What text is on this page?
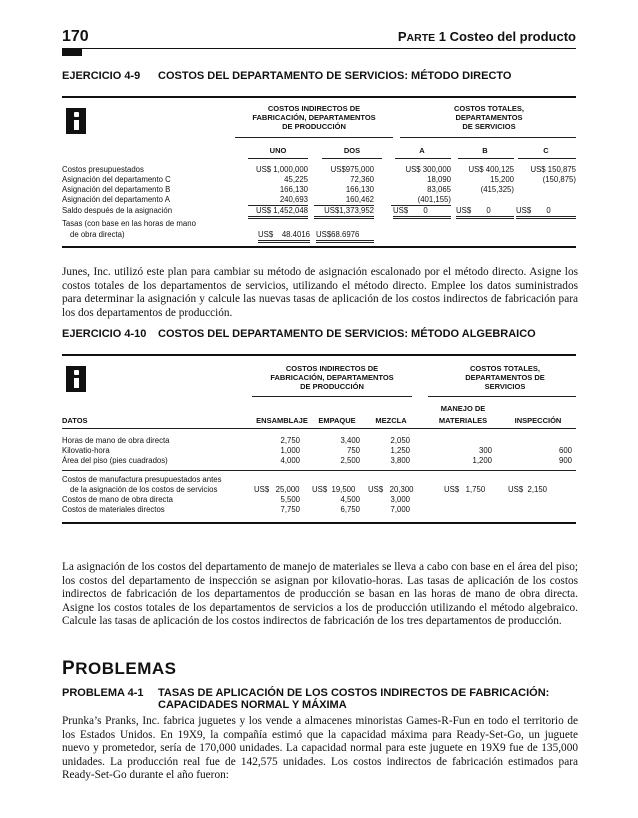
170	PARTE 1 Costeo del producto
EJERCICIO 4-9 COSTOS DEL DEPARTAMENTO DE SERVICIOS: MÉTODO DIRECTO
COSTOS INDIRECTOS DE
FABRICACIÓN, DEPARTAMENTOS
DE PRODUCCIÓN
COSTOS TOTALES,
DEPARTAMENTOS
DE SERVICIOS
UNO	DOS	A	B	C
Costos presupuestados	US$ 1,000,000	US$975,000	US$ 300,000	US$ 400,125	US$ 150,875
Asignación del departamento C	45,225	72,360	18,090	15,200	(150,875)
Asignación del departamento B	166,130	166,130	83,065	(415,325)
Asignación del departamento A	240,693	160,462	(401,155)
Saldo después de la asignación	US$ 1,452,048	US$1,373,952 US$       0	US$       0	US$       0
Tasas (con base en las horas de mano
de obra directa)	US$    48.4016 US$68.6976
Junes, Inc. utilizó este plan para cambiar su método de asignación escalonado por el método directo. Asigne los costos totales de los departamentos de servicios, utilizando el método directo. Emplee los datos suministrados para determinar la asignación y calcule las nuevas tasas de aplicación de los costos indirectos de fabricación para los dos departamentos de producción.
EJERCICIO 4-10 COSTOS DEL DEPARTAMENTO DE SERVICIOS: MÉTODO ALGEBRAICO
COSTOS INDIRECTOS DE
FABRICACIÓN, DEPARTAMENTOS
DE PRODUCCIÓN
COSTOS TOTALES,
DEPARTAMENTOS DE
SERVICIOS
DATOS	ENSAMBLAJE	EMPAQUE	MEZCLA
MANEJO DE
MATERIALES	INSPECCIÓN
Horas de mano de obra directa	2,750	3,400	2,050
Kilovatio-hora	1,000	750	1,250	300	600
Área del piso (pies cuadrados)	4,000	2,500	3,800	1,200	900
Costos de manufactura presupuestados antes
de la asignación de los costos de servicios	US$   25,000 US$  19,500 US$   20,300	US$   1,750	US$  2,150
Costos de mano de obra directa	5,500	4,500	3,000
Costos de materiales directos	7,750	6,750	7,000
La asignación de los costos del departamento de manejo de materiales se lleva a cabo con base en el área del piso; los costos del departamento de inspección se asignan por kilovatio-horas. Las tasas de aplicación de los costos indirectos de fabricación de los departamentos de producción se basan en las horas de mano de obra directa. Asigne los costos totales de los departamentos de servicios a los de producción utilizando el método algebraico. Calcule las tasas de aplicación de los costos indirectos de fabricación de los tres departamentos de producción.
PROBLEMAS
PROBLEMA 4-1 TASAS DE APLICACIÓN DE LOS COSTOS INDIRECTOS DE FABRICACIÓN:
CAPACIDADES NORMAL Y MÁXIMA
Prunka’s Pranks, Inc. fabrica juguetes y los vende a almacenes minoristas Games-R-Fun en todo el territorio de los Estados Unidos. En 19X9, la compañía estimó que la capacidad máxima para Ready-Set-Go, un juguete nuevo y prometedor, sería de 170,000 unidades. La capacidad normal para este juguete en 19X9 fue de 135,000 unidades. La producción real fue de 142,575 unidades. Los costos indirectos de fabricación estimados para Ready-Set-Go durante el año fueron:
